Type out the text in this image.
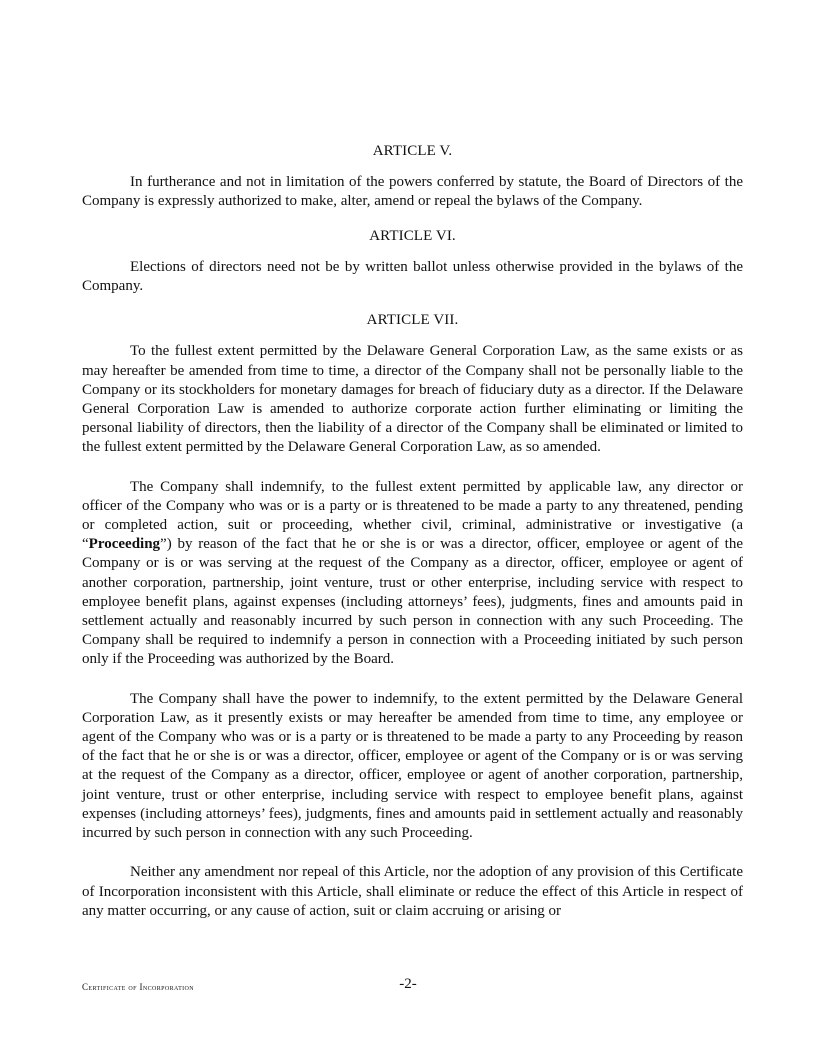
ARTICLE V.

In furtherance and not in limitation of the powers conferred by statute, the Board of Directors of the Company is expressly authorized to make, alter, amend or repeal the bylaws of the Company.

ARTICLE VI.

Elections of directors need not be by written ballot unless otherwise provided in the bylaws of the Company.

ARTICLE VII.

To the fullest extent permitted by the Delaware General Corporation Law, as the same exists or as may hereafter be amended from time to time, a director of the Company shall not be personally liable to the Company or its stockholders for monetary damages for breach of fiduciary duty as a director. If the Delaware General Corporation Law is amended to authorize corporate action further eliminating or limiting the personal liability of directors, then the liability of a director of the Company shall be eliminated or limited to the fullest extent permitted by the Delaware General Corporation Law, as so amended.

The Company shall indemnify, to the fullest extent permitted by applicable law, any director or officer of the Company who was or is a party or is threatened to be made a party to any threatened, pending or completed action, suit or proceeding, whether civil, criminal, administrative or investigative (a “Proceeding”) by reason of the fact that he or she is or was a director, officer, employee or agent of the Company or is or was serving at the request of the Company as a director, officer, employee or agent of another corporation, partnership, joint venture, trust or other enterprise, including service with respect to employee benefit plans, against expenses (including attorneys’ fees), judgments, fines and amounts paid in settlement actually and reasonably incurred by such person in connection with any such Proceeding. The Company shall be required to indemnify a person in connection with a Proceeding initiated by such person only if the Proceeding was authorized by the Board.

The Company shall have the power to indemnify, to the extent permitted by the Delaware General Corporation Law, as it presently exists or may hereafter be amended from time to time, any employee or agent of the Company who was or is a party or is threatened to be made a party to any Proceeding by reason of the fact that he or she is or was a director, officer, employee or agent of the Company or is or was serving at the request of the Company as a director, officer, employee or agent of another corporation, partnership, joint venture, trust or other enterprise, including service with respect to employee benefit plans, against expenses (including attorneys’ fees), judgments, fines and amounts paid in settlement actually and reasonably incurred by such person in connection with any such Proceeding.

Neither any amendment nor repeal of this Article, nor the adoption of any provision of this Certificate of Incorporation inconsistent with this Article, shall eliminate or reduce the effect of this Article in respect of any matter occurring, or any cause of action, suit or claim accruing or arising or

Certificate of Incorporation	-2-
